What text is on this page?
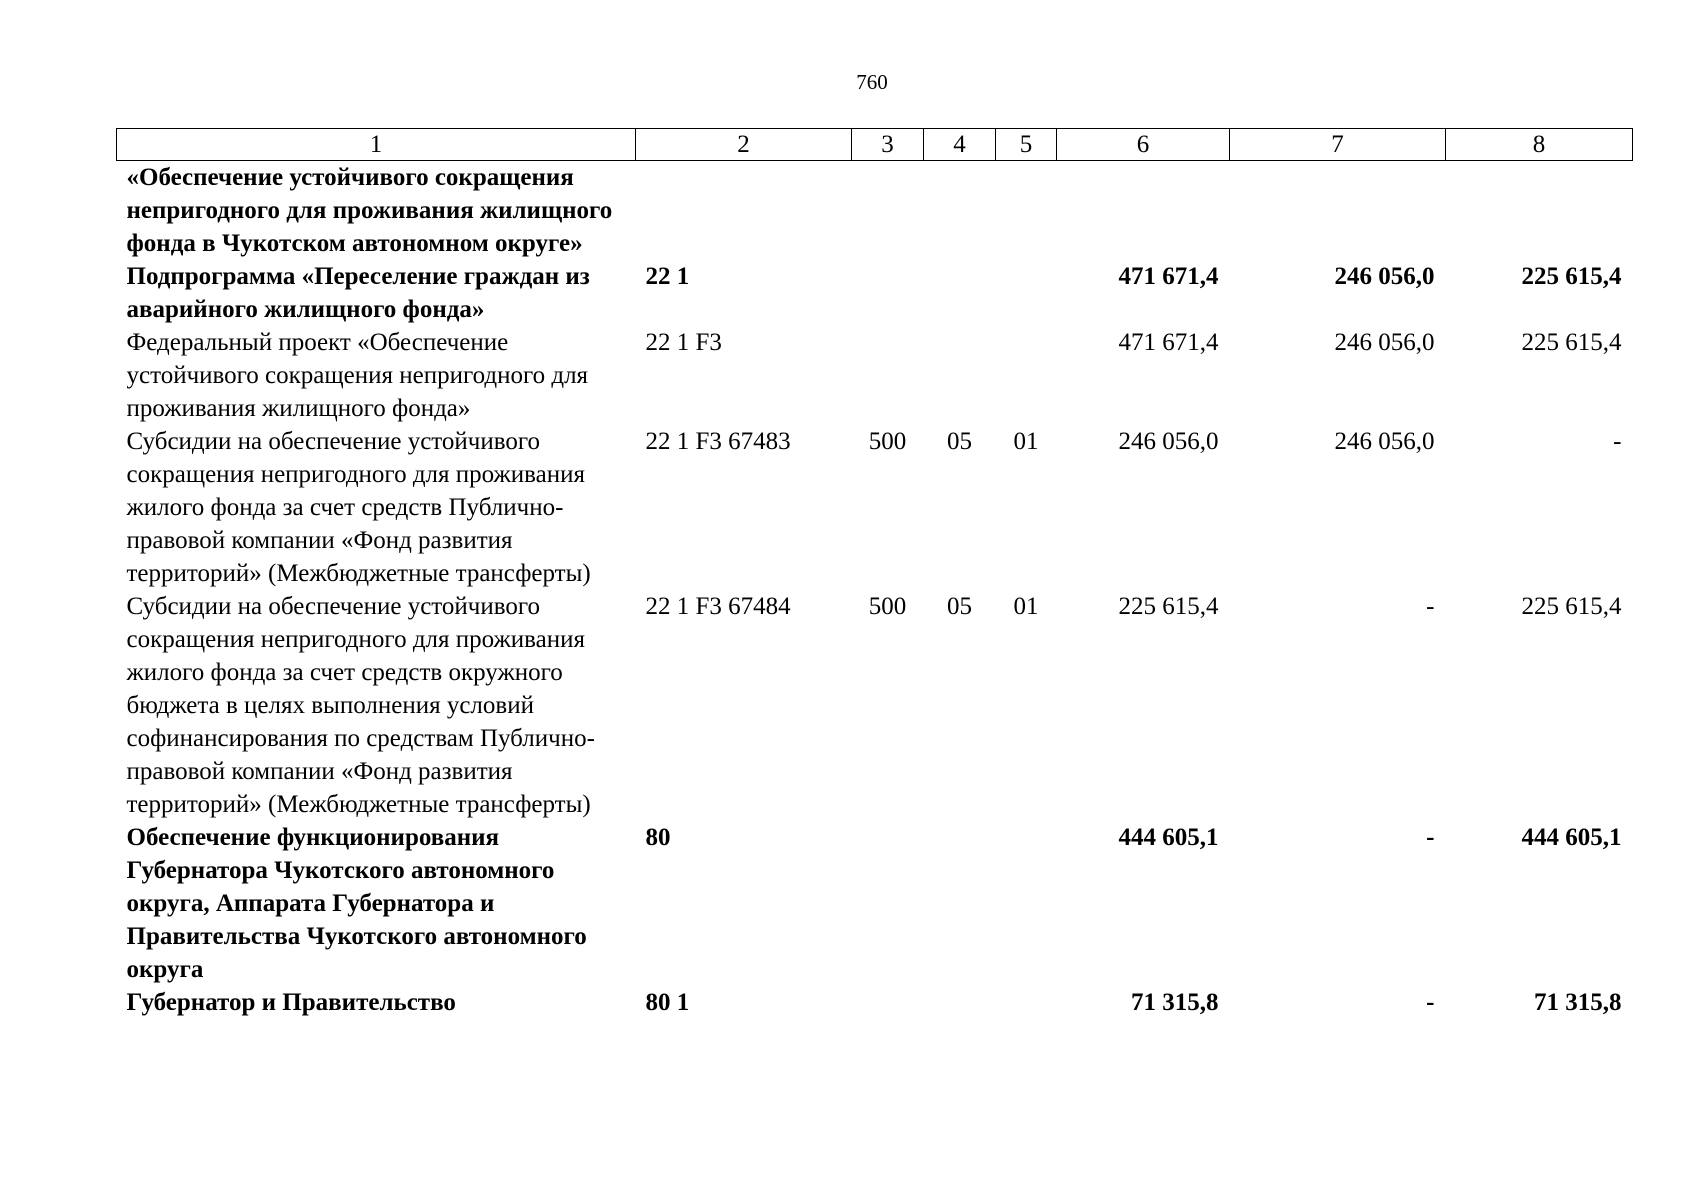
760
1	2	3	4	5	6	7	8
«Обеспечение устойчивого сокращения непригодного для проживания жилищного фонда в Чукотском автономном округе»							
Подпрограмма «Переселение граждан из аварийного жилищного фонда»	22 1				471 671,4	246 056,0	225 615,4
Федеральный проект «Обеспечение устойчивого сокращения непригодного для проживания жилищного фонда»	22 1 F3				471 671,4	246 056,0	225 615,4
Субсидии на обеспечение устойчивого сокращения непригодного для проживания жилого фонда за счет средств Публично-правовой компании «Фонд развития территорий» (Межбюджетные трансферты)	22 1 F3 67483	500	05	01	246 056,0	246 056,0	-
Субсидии на обеспечение устойчивого сокращения непригодного для проживания жилого фонда за счет средств окружного бюджета в целях выполнения условий софинансирования по средствам Публично-правовой компании «Фонд развития территорий» (Межбюджетные трансферты)	22 1 F3 67484	500	05	01	225 615,4	-	225 615,4
Обеспечение функционирования Губернатора Чукотского автономного округа, Аппарата Губернатора и Правительства Чукотского автономного округа	80				444 605,1	-	444 605,1
Губернатор и Правительство	80 1				71 315,8	-	71 315,8
